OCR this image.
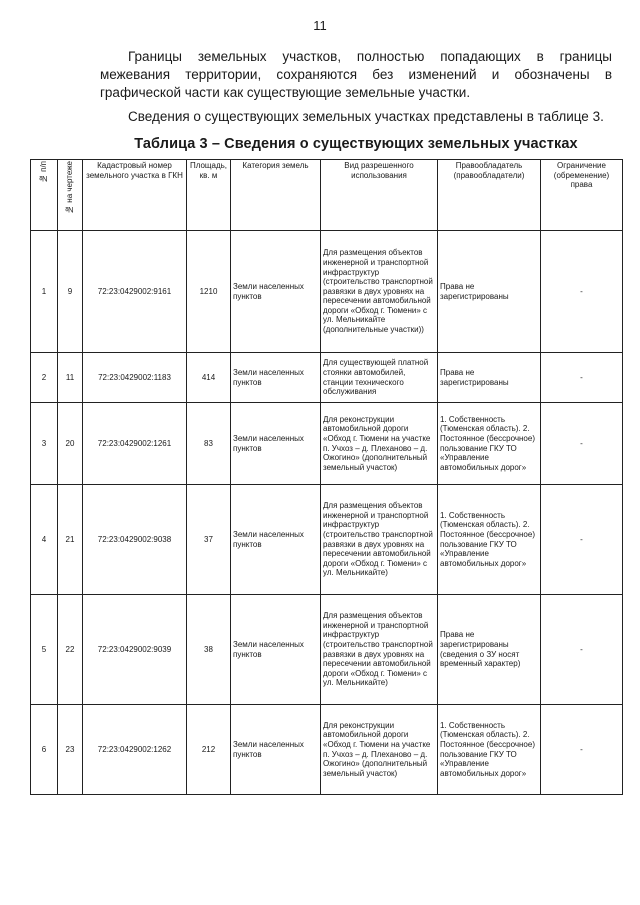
11

Границы земельных участков, полностью попадающих в границы межевания территории, сохраняются без изменений и обозначены в графической части как существующие земельные участки.

Сведения о существующих земельных участках представлены в таблице 3.

Таблица 3 – Сведения о существующих земельных участках
№ п/п	№ на чертеже	Кадастровый номер земельного участка в ГКН	Площадь, кв. м	Категория земель	Вид разрешенного использования	Правообладатель (правообладатели)	Ограничение (обременение) права
1	9	72:23:0429002:9161	1210	Земли населенных пунктов	Для размещения объектов инженерной и транспортной инфраструктур (строительство транспортной развязки в двух уровнях на пересечении автомобильной дороги «Обход г. Тюмени» с ул. Мельникайте (дополнительные участки))	Права не зарегистрированы	-
2	11	72:23:0429002:1183	414	Земли населенных пунктов	Для существующей платной стоянки автомобилей, станции технического обслуживания	Права не зарегистрированы	-
3	20	72:23:0429002:1261	83	Земли населенных пунктов	Для реконструкции автомобильной дороги «Обход г. Тюмени на участке п. Учхоз – д. Плеханово – д. Ожогино» (дополнительный земельный участок)	1. Собственность (Тюменская область). 2. Постоянное (бессрочное) пользование ГКУ ТО «Управление автомобильных дорог»	-
4	21	72:23:0429002:9038	37	Земли населенных пунктов	Для размещения объектов инженерной и транспортной инфраструктур (строительство транспортной развязки в двух уровнях на пересечении автомобильной дороги «Обход г. Тюмени» с ул. Мельникайте)	1. Собственность (Тюменская область). 2. Постоянное (бессрочное) пользование ГКУ ТО «Управление автомобильных дорог»	-
5	22	72:23:0429002:9039	38	Земли населенных пунктов	Для размещения объектов инженерной и транспортной инфраструктур (строительство транспортной развязки в двух уровнях на пересечении автомобильной дороги «Обход г. Тюмени» с ул. Мельникайте)	Права не зарегистрированы (сведения о ЗУ носят временный характер)	-
6	23	72:23:0429002:1262	212	Земли населенных пунктов	Для реконструкции автомобильной дороги «Обход г. Тюмени на участке п. Учхоз – д. Плеханово – д. Ожогино» (дополнительный земельный участок)	1. Собственность (Тюменская область). 2. Постоянное (бессрочное) пользование ГКУ ТО «Управление автомобильных дорог»	-
